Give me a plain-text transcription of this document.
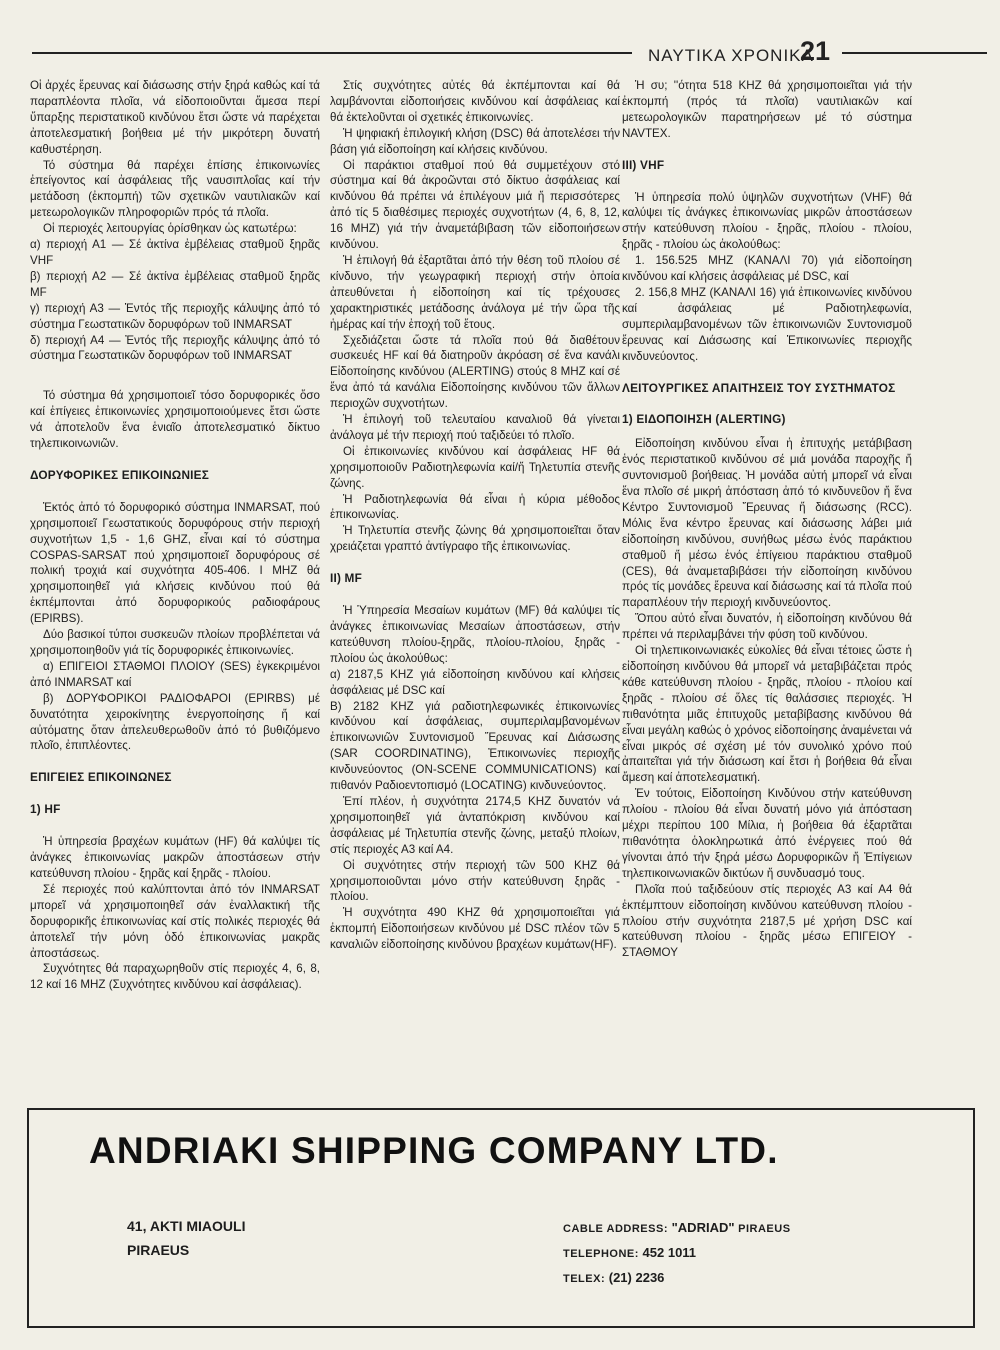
ΝΑΥΤΙΚΑ ΧΡΟΝΙΚΑ
21

Οἱ ἀρχές ἔρευνας καί διάσωσης στήν ξηρά καθώς καί τά παραπλέοντα πλοῖα, νά εἰδοποιοῦνται ἄμεσα περί ὕπαρξης περιστατικοῦ κινδύνου ἔτσι ὥστε νά παρέχεται ἀποτελεσματική βοήθεια μέ τήν μικρότερη δυνατή καθυστέρηση.

Τό σύστημα θά παρέχει ἐπίσης ἐπικοινωνίες ἐπείγοντος καί ἀσφάλειας τῆς ναυσιπλοΐας καί τήν μετάδοση (ἐκπομπή) τῶν σχετικῶν ναυτιλιακῶν καί μετεωρολογικῶν πληροφοριῶν πρός τά πλοῖα.

Οἱ περιοχές λειτουργίας ὁρίσθηκαν ὡς κατωτέρω:

α) περιοχή Α1 — Σέ ἀκτίνα ἐμβέλειας σταθμοῦ ξηρᾶς VHF

β) περιοχή Α2 — Σέ ἀκτίνα ἐμβέλειας σταθμοῦ ξηρᾶς MF

γ) περιοχή Α3 — Ἐντός τῆς περιοχῆς κάλυψης ἀπό τό σύστημα Γεωστατικῶν δορυφόρων τοῦ INMARSAT

δ) περιοχή Α4 — Ἐντός τῆς περιοχῆς κάλυψης ἀπό τό σύστημα Γεωστατικῶν δορυφόρων τοῦ INMARSAT

Τό σύστημα θά χρησιμοποιεῖ τόσο δορυφορικές ὅσο καί ἐπίγειες ἐπικοινωνίες χρησιμοποιούμενες ἔτσι ὥστε νά ἀποτελοῦν ἕνα ἑνιαῖο ἀποτελεσματικό δίκτυο τηλεπικοινωνιῶν.

ΔΟΡΥΦΟΡΙΚΕΣ ΕΠΙΚΟΙΝΩΝΙΕΣ

Ἐκτός ἀπό τό δορυφορικό σύστημα INMARSAT, πού χρησιμοποιεῖ Γεωστατικούς δορυφόρους στήν περιοχή συχνοτήτων 1,5 - 1,6 GHZ, εἶναι καί τό σύστημα COSPAS-SARSAT πού χρησιμοποιεῖ δορυφόρους σέ πολική τροχιά καί συχνότητα 405-406. I MHZ θά χρησιμοποιηθεῖ γιά κλήσεις κινδύνου πού θά ἐκπέμπονται ἀπό δορυφορικούς ραδιοφάρους (EPIRBS).

Δύο βασικοί τύποι συσκευῶν πλοίων προβλέπεται νά χρησιμοποιηθοῦν γιά τίς δορυφορικές ἐπικοινωνίες.

α) ΕΠΙΓΕΙΟΙ ΣΤΑΘΜΟΙ ΠΛΟΙΟΥ (SES) ἐγκεκριμένοι ἀπό INMARSAT καί

β) ΔΟΡΥΦΟΡΙΚΟΙ ΡΑΔΙΟΦΑΡΟΙ (EPIRBS) μέ δυνατότητα χειροκίνητης ἐνεργοποίησης ἤ καί αὐτόματης ὅταν ἀπελευθερωθοῦν ἀπό τό βυθιζόμενο πλοῖο, ἐπιπλέοντες.

ΕΠΙΓΕΙΕΣ ΕΠΙΚΟΙΝΩΝΕΣ
1) HF

Ἡ ὑπηρεσία βραχέων κυμάτων (HF) θά καλύψει τίς ἀνάγκες ἐπικοινωνίας μακρῶν ἀποστάσεων στήν κατεύθυνση πλοίου - ξηρᾶς καί ξηρᾶς - πλοίου.

Σέ περιοχές πού καλύπτονται ἀπό τόν INMARSAT μπορεῖ νά χρησιμοποιηθεῖ σάν ἐναλλακτική τῆς δορυφορικῆς ἐπικοινωνίας καί στίς πολικές περιοχές θά ἀποτελεῖ τήν μόνη ὁδό ἐπικοινωνίας μακρᾶς ἀποστάσεως.

Συχνότητες θά παραχωρηθοῦν στίς περιοχές 4, 6, 8, 12 καί 16 MHZ (Συχνότητες κινδύνου καί ἀσφάλειας).

Στίς συχνότητες αὐτές θά ἐκπέμπονται καί θά λαμβάνονται εἰδοποιήσεις κινδύνου καί ἀσφάλειας καί θά ἐκτελοῦνται οἱ σχετικές ἐπικοινωνίες.

Ἡ ψηφιακή ἐπιλογική κλήση (DSC) θά ἀποτελέσει τήν βάση γιά εἰδοποίηση καί κλήσεις κινδύνου.

Οἱ παράκτιοι σταθμοί πού θά συμμετέχουν στό σύστημα καί θά ἀκροῶνται στό δίκτυο ἀσφάλειας καί κινδύνου θά πρέπει νά ἐπιλέγουν μιά ἤ περισσότερες ἀπό τίς 5 διαθέσιμες περιοχές συχνοτήτων (4, 6, 8, 12, 16 MHZ) γιά τήν ἀναμετάβιβαση τῶν εἰδοποιήσεων κινδύνου.

Ἡ ἐπιλογή θά ἐξαρτᾶται ἀπό τήν θέση τοῦ πλοίου σέ κίνδυνο, τήν γεωγραφική περιοχή στήν ὁποία ἀπευθύνεται ἡ εἰδοποίηση καί τίς τρέχουσες χαρακτηριστικές μετάδοσης ἀνάλογα μέ τήν ὥρα τῆς ἡμέρας καί τήν ἐποχή τοῦ ἔτους.

Σχεδιάζεται ὥστε τά πλοῖα πού θά διαθέτουν συσκευές HF καί θά διατηροῦν ἀκρόαση σέ ἕνα κανάλι Εἰδοποίησης κινδύνου (ALERTING) στούς 8 MHZ καί σέ ἕνα ἀπό τά κανάλια Εἰδοποίησης κινδύνου τῶν ἄλλων περιοχῶν συχνοτήτων.

Ἡ ἐπιλογή τοῦ τελευταίου καναλιοῦ θά γίνεται ἀνάλογα μέ τήν περιοχή πού ταξιδεύει τό πλοῖο.

Οἱ ἐπικοινωνίες κινδύνου καί ἀσφάλειας HF θά χρησιμοποιοῦν Ραδιοτηλεφωνία καί/ἤ Τηλετυπία στενῆς ζώνης.

Ἡ Ραδιοτηλεφωνία θά εἶναι ἡ κύρια μέθοδος ἐπικοινωνίας.

Ἡ Τηλετυπία στενῆς ζώνης θά χρησιμοποιεῖται ὅταν χρειάζεται γραπτό ἀντίγραφο τῆς ἐπικοινωνίας.

II) MF

Ἡ Ὑπηρεσία Μεσαίων κυμάτων (MF) θά καλύψει τίς ἀνάγκες ἐπικοινωνίας Μεσαίων ἀποστάσεων, στήν κατεύθυνση πλοίου-ξηρᾶς, πλοίου-πλοίου, ξηρᾶς - πλοίου ὡς ἀκολούθως:

α) 2187,5 KHZ γιά εἰδοποίηση κινδύνου καί κλήσεις ἀσφάλειας μέ DSC καί

Β) 2182 KHZ γιά ραδιοτηλεφωνικές ἐπικοινωνίες κινδύνου καί ἀσφάλειας, συμπεριλαμβανομένων ἐπικοινωνιῶν Συντονισμοῦ Ἔρευνας καί Διάσωσης (SAR COORDINATING), Ἐπικοινωνίες περιοχῆς κινδυνεύοντος (ON-SCENE COMMUNICATIONS) καί πιθανόν Ραδιοεντοπισμό (LOCATING) κινδυνεύοντος.

Ἐπί πλέον, ἡ συχνότητα 2174,5 KHZ δυνατόν νά χρησιμοποιηθεῖ γιά ἀνταπόκριση κινδύνου καί ἀσφάλειας μέ Τηλετυπία στενῆς ζώνης, μεταξύ πλοίων, στίς περιοχές Α3 καί Α4.

Οἱ συχνότητες στήν περιοχή τῶν 500 KHZ θά χρησιμοποιοῦνται μόνο στήν κατεύθυνση ξηρᾶς - πλοίου.

Ἡ συχνότητα 490 KHZ θά χρησιμοποιεῖται γιά ἐκπομπή Εἰδοποιήσεων κινδύνου μέ DSC πλέον τῶν 5 καναλιῶν εἰδοποίησης κινδύνου βραχέων κυμάτων(HF).

Ἡ συ; ''ότητα 518 KHZ θά χρησιμοποιεῖται γιά τήν ἐκπομπή (πρός τά πλοῖα) ναυτιλιακῶν καί μετεωρολογικῶν παρατηρήσεων μέ τό σύστημα NAVTEX.

III) VHF

Ἡ ὑπηρεσία πολύ ὑψηλῶν συχνοτήτων (VHF) θά καλύψει τίς ἀνάγκες ἐπικοινωνίας μικρῶν ἀποστάσεων στήν κατεύθυνση πλοίου - ξηρᾶς, πλοίου - πλοίου, ξηρᾶς - πλοίου ὡς ἀκολούθως:

1. 156.525 MHZ (ΚΑΝΑΛΙ 70) γιά εἰδοποίηση κινδύνου καί κλήσεις ἀσφάλειας μέ DSC, καί

2. 156,8 MHZ (ΚΑΝΑΛΙ 16) γιά ἐπικοινωνίες κινδύνου καί ἀσφάλειας μέ Ραδιοτηλεφωνία, συμπεριλαμβανομένων τῶν ἐπικοινωνιῶν Συντονισμοῦ ἔρευνας καί Διάσωσης καί Ἐπικοινωνίες περιοχῆς κινδυνεύοντος.

ΛΕΙΤΟΥΡΓΙΚΕΣ ΑΠΑΙΤΗΣΕΙΣ ΤΟΥ ΣΥΣΤΗΜΑΤΟΣ
1) ΕΙΔΟΠΟΙΗΣΗ (ALERTING)

Εἰδοποίηση κινδύνου εἶναι ἡ ἐπιτυχής μετάβιβαση ἑνός περιστατικοῦ κινδύνου σέ μιά μονάδα παροχῆς ἤ συντονισμοῦ βοήθειας. Ἡ μονάδα αὐτή μπορεῖ νά εἶναι ἕνα πλοῖο σέ μικρή ἀπόσταση ἀπό τό κινδυνεῦον ἤ ἕνα Κέντρο Συντονισμοῦ Ἔρευνας ἤ διάσωσης (RCC). Μόλις ἕνα κέντρο ἔρευνας καί διάσωσης λάβει μιά εἰδοποίηση κινδύνου, συνήθως μέσω ἑνός παράκτιου σταθμοῦ ἤ μέσω ἑνός ἐπίγειου παράκτιου σταθμοῦ (CES), θά ἀναμεταβιβάσει τήν εἰδοποίηση κινδύνου πρός τίς μονάδες ἔρευνα καί διάσωσης καί τά πλοῖα πού παραπλέουν τήν περιοχή κινδυνεύοντος.

Ὅπου αὐτό εἶναι δυνατόν, ἡ εἰδοποίηση κινδύνου θά πρέπει νά περιλαμβάνει τήν φύση τοῦ κινδύνου.

Οἱ τηλεπικοινωνιακές εὐκολίες θά εἶναι τέτοιες ὥστε ἡ εἰδοποίηση κινδύνου θά μπορεῖ νά μεταβιβάζεται πρός κάθε κατεύθυνση πλοίου - ξηρᾶς, πλοίου - πλοίου καί ξηρᾶς - πλοίου σέ ὅλες τίς θαλάσσιες περιοχές. Ἡ πιθανότητα μιᾶς ἐπιτυχοῦς μεταβίβασης κινδύνου θά εἶναι μεγάλη καθώς ὁ χρόνος εἰδοποίησης ἀναμένεται νά εἶναι μικρός σέ σχέση μέ τόν συνολικό χρόνο πού ἀπαιτεῖται γιά τήν διάσωση καί ἔτσι ἡ βοήθεια θά εἶναι ἄμεση καί ἀποτελεσματική.

Ἐν τούτοις, Εἰδοποίηση Κινδύνου στήν κατεύθυνση πλοίου - πλοίου θά εἶναι δυνατή μόνο γιά ἀπόσταση μέχρι περίπου 100 Μίλια, ἡ βοήθεια θά ἐξαρτᾶται πιθανότητα ὁλοκληρωτικά ἀπό ἐνέργειες πού θά γίνονται ἀπό τήν ξηρά μέσω Δορυφορικῶν ἤ Ἐπίγειων τηλεπικοινωνιακῶν δικτύων ἤ συνδυασμό τους.

Πλοῖα πού ταξιδεύουν στίς περιοχές Α3 καί Α4 θά ἐκπέμπτουν εἰδοποίηση κινδύνου κατεύθυνση πλοίου - πλοίου στήν συχνότητα 2187,5 μέ χρήση DSC καί κατεύθυνση πλοίου - ξηρᾶς μέσω ΕΠΙΓΕΙΟΥ - ΣΤΑΘΜΟΥ

ANDRIAKI SHIPPING COMPANY LTD.
41, AKTI MIAOULI
PIRAEUS
CABLE ADDRESS: "ADRIAD" PIRAEUS
TELEPHONE: 452 1011
TELEX: (21) 2236
